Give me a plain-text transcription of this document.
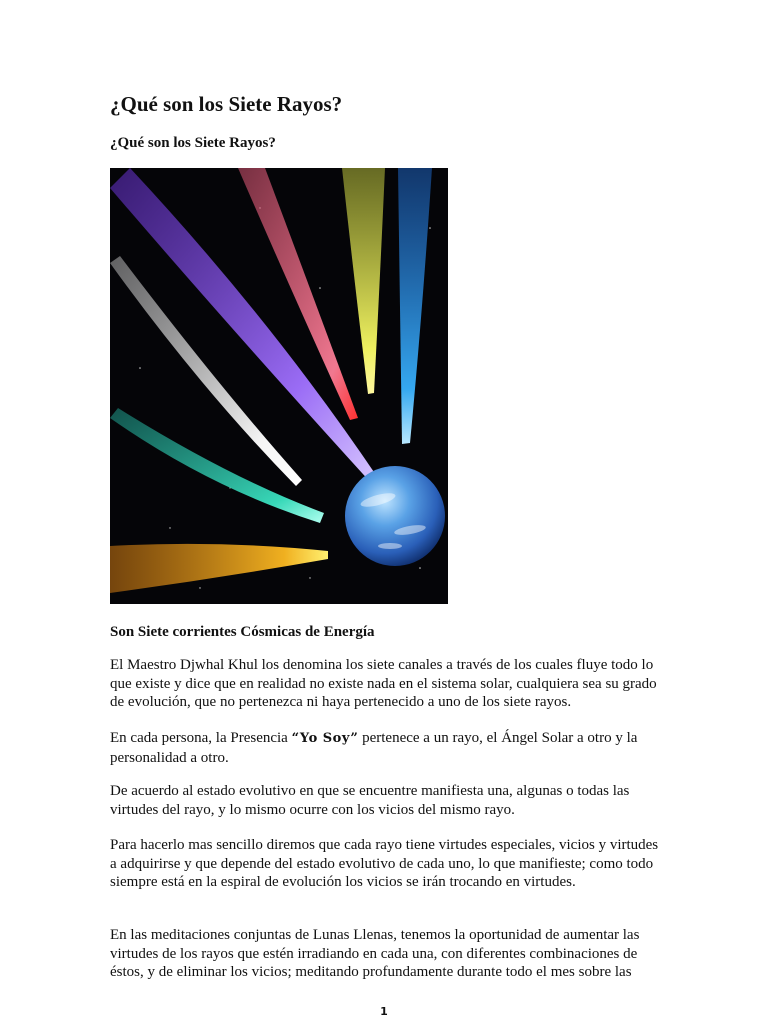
¿Qué son los Siete Rayos?
¿Qué son los Siete Rayos?
Son Siete corrientes Cósmicas de Energía

El Maestro Djwhal Khul los denomina los siete canales a través de los cuales fluye todo lo que existe y dice que en realidad no existe nada en el sistema solar, cualquiera sea su grado de evolución, que no pertenezca ni haya pertenecido a uno de los siete rayos.

En cada persona, la Presencia “Yo Soy” pertenece a un rayo, el Ángel Solar a otro y la personalidad a otro.

De acuerdo al estado evolutivo en que se encuentre manifiesta una, algunas o todas las virtudes del rayo, y lo mismo ocurre con los vicios del mismo rayo.

Para hacerlo mas sencillo diremos que cada rayo tiene virtudes especiales, vicios y virtudes a adquirirse y que depende del estado evolutivo de cada uno, lo que manifieste; como todo siempre está en la espiral de evolución los vicios se irán trocando en virtudes.

En las meditaciones conjuntas de Lunas Llenas, tenemos la oportunidad de aumentar las virtudes de los rayos que estén irradiando en cada una, con diferentes combinaciones de éstos, y de eliminar los vicios; meditando profundamente durante todo el mes sobre las

1
